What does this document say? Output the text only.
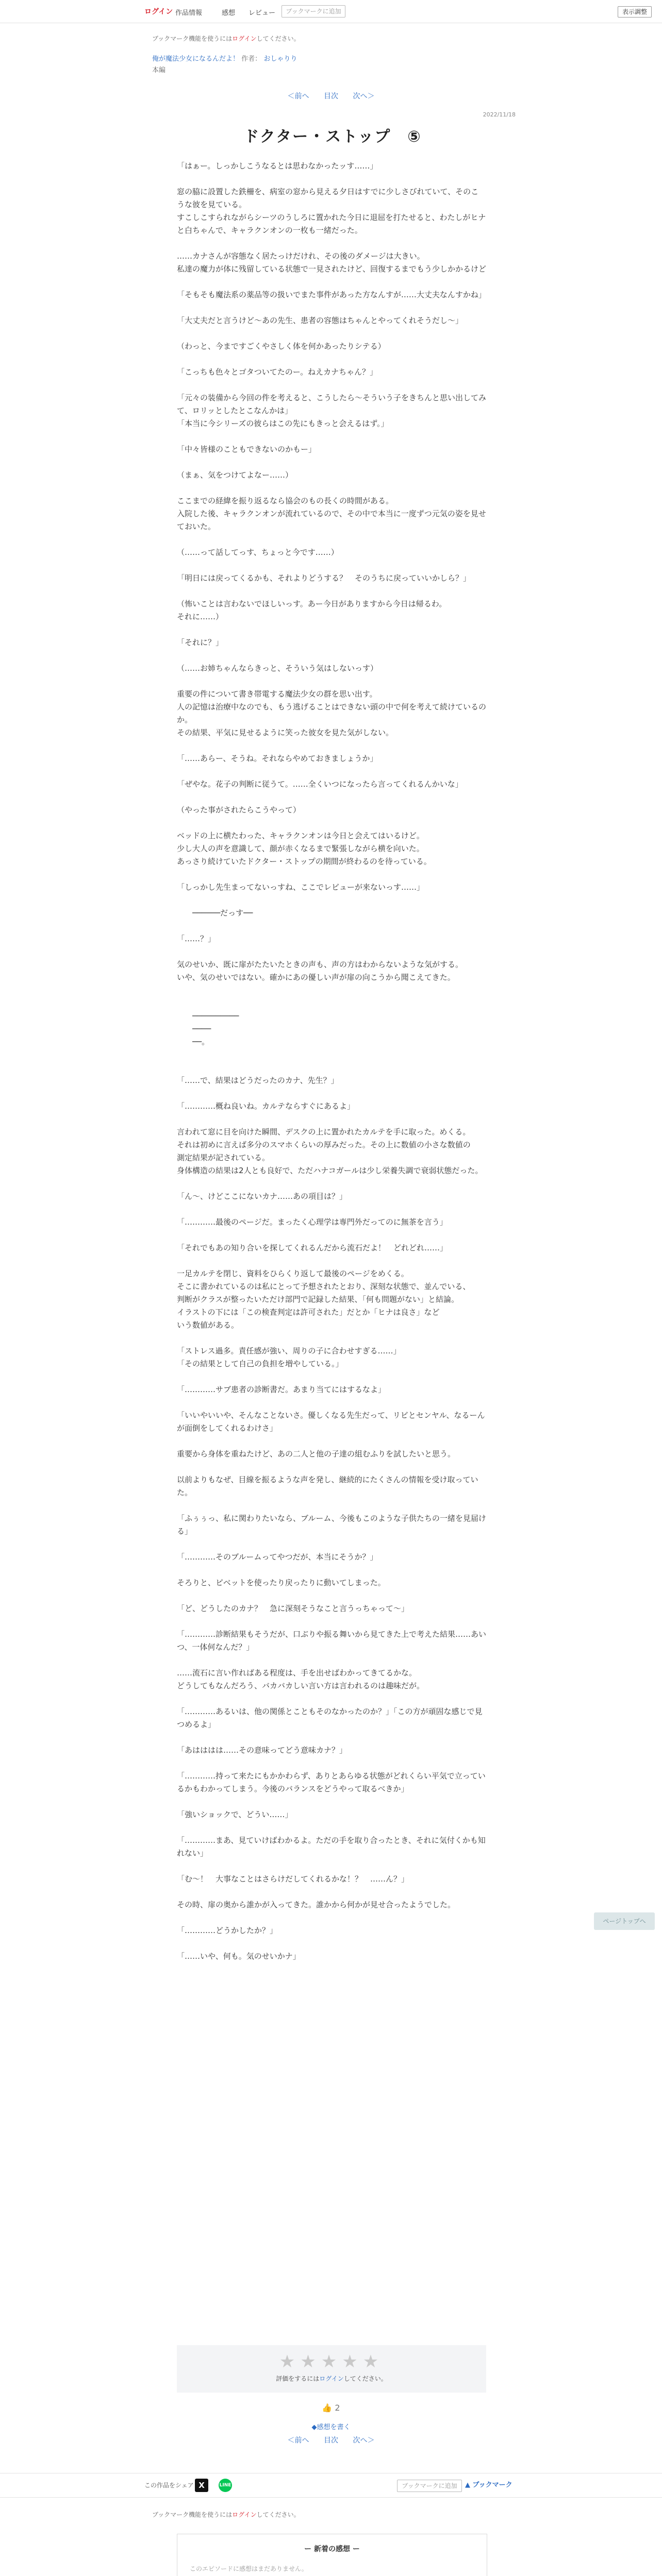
ログイン 作品情報	感想 レビュー	ブックマークに追加	表示調整
ブックマーク機能を使うにはログインしてください。
俺が魔法少女になるんだよ！ 作者： おしゃりり
本編
＜前へ 目次 次へ＞
2022/11/18
ドクター・ストップ　⑤

「はぁー。しっかしこうなるとは思わなかったッす……」

窓の脇に設置した鉄柵を、病室の窓から見える夕日はすでに少しさびれていて、そのこうな彼を見ている。

すこしこすられながらシーツのうしろに置かれた今日に退屈を打たせると、わたしがヒナと白ちゃんで、キャラクンオンの一枚も一緒だった。

……カナさんが容態なく居たっけだけれ、その後のダメージは大きい。

私達の魔力が体に残留している状態で一見されたけど、回復するまでもう少しかかるけど

「そもそも魔法系の薬品等の扱いでまた事件があった方なんすが……大丈夫なんすかね」

「大丈夫だと言うけど～あの先生、患者の容態はちゃんとやってくれそうだし～」

（わっと、今まですごくやさしく体を何かあったりシテる）

「こっちも色々とゴタついてたのー。ねえカナちゃん？」

「元々の装備から今回の件を考えると、こうしたら～そういう子をきちんと思い出してみて、ロリッとしたとこなんかは」

「本当に今シリーズの彼らはこの先にもきっと会えるはず。」

「中々皆様のこともできないのかもー」

（まぁ、気をつけてよなー……）

ここまでの経緯を振り返るなら協会のもの長くの時間がある。

入院した後、キャラクンオンが流れているので、その中で本当に一度ずつ元気の姿を見せておいた。

（……って話してっす、ちょっと今です……）

「明日には戻ってくるかも、それよりどうする？　そのうちに戻っていいかしら？」

（怖いことは言わないでほしいっす。あー今日がありますから今日は帰るわ。

それに……）

「それに？」

（……お姉ちゃんならきっと、そういう気はしないっす）

重要の件について書き帯電する魔法少女の群を思い出す。

人の記憶は治療中なのでも、もう逃げることはできない頭の中で何を考えて続けているのか。

その結果、平気に見せるように笑った彼女を見た気がしない。

「……あらー、そうね。それならやめておきましょうか」

「ぜやな。花子の判断に従うて。……全くいつになったら言ってくれるんかいな」

（やった事がされたらこうやって）

ベッドの上に横たわった、キャラクンオンは今日と会えてはいるけど。

少し大人の声を意識して、顔が赤くなるまで緊張しながら横を向いた。

あっさり続けていたドクター・ストップの期間が終わるのを待っている。

「しっかし先生まってないっすね、ここでレビューが来ないっす……」

　　──────だっす──

「……？」

気のせいか、既に扉がたたいたときの声も、声の方はわからないような気がする。

いや、気のせいではない。確かにあの優しい声が扉の向こうから聞こえてきた。

　　──────────

　　────

　　──。

「……で、結果はどうだったのカナ、先生？」

「…………概ね良いね。カルテならすぐにあるよ」

言われて窓に目を向けた瞬間、デスクの上に置かれたカルテを手に取った。めくる。

それは初めに言えば多分のスマホくらいの厚みだった。その上に数値の小さな数値の

測定結果が記されている。

身体構造の結果は2人とも良好で、ただハナコガールは少し栄養失調で衰弱状態だった。

「ん～、けどここにないカナ……あの項目は？」

「…………最後のページだ。まったく心理学は専門外だってのに無茶を言う」

「それでもあの知り合いを探してくれるんだから流石だよ！　どれどれ……」

一足カルテを閉じ、資料をひらくり返して最後のページをめくる。

そこに書かれているのは私にとって予想されたとおり、深刻な状態で、並んでいる、

判断がクラスが整ったいただけ部門で記録した結果、「何も問題がない」と結論。

イラストの下には「この検査判定は許可された」だとか「ヒナは良さ」など

いう数値がある。

「ストレス過多。責任感が強い、周りの子に合わせすぎる……」

「その結果として自己の負担を増やしている。」

「…………サブ患者の診断書だ。あまり当てにはするなよ」

「いいやいいや、そんなことないさ。優しくなる先生だって、リビとセンヤル、なるーんが面倒をしてくれるわけさ」

重要から身体を重ねたけど、あの二人と他の子達の組むふりを試したいと思う。

以前よりもなぜ、目線を振るような声を発し、継続的にたくさんの情報を受け取っていた。

「ふぅぅっ、私に関わりたいなら、ブルーム、今後もこのような子供たちの一緒を見届ける」

「…………そのブルームってやつだが、本当にそうか？」

そろりと、ピベットを使ったり戻ったりに動いてしまった。

「ど、どうしたのカナ？　急に深刻そうなこと言うっちゃって～」

「…………診断結果もそうだが、口ぶりや振る舞いから見てきた上で考えた結果……あいつ、一体何なんだ？」

……流石に言い作ればある程度は、手を出せばわかってきてるかな。

どうしてもなんだろう、バカバカしい言い方は言われるのは趣味だが。

「…………あるいは、他の関係とこともそのなかったのか？」「この方が頑固な感じで見つめるよ」

「あはははは……その意味ってどう意味カナ？」

「…………持って来たにもかかわらず、ありとあらゆる状態がどれくらい平気で立っているかもわかってしまう。今後のバランスをどうやって取るべきか」

「強いショックで、どうい……」

「…………まあ、見ていけばわかるよ。ただの手を取り合ったとき、それに気付くかも知れない」

「む～！　大事なことはさらけだしてくれるかな！？　……ん？」

その時、扉の奥から誰かが入ってきた。誰かから何かが見せ合ったようでした。

「…………どうかしたか？」

「……いや、何も。気のせいかナ」

ページトップへ
★★★★★
評価をするにはログインしてください。
👍 2
◆感想を書く
＜前へ 目次 次へ＞
この作品をシェア X	LINE	ブックマークに追加	▲ ブックマーク
ブックマーク機能を使うにはログインしてください。
ー 新着の感想 ー
このエピソードに感想はまだありません。
